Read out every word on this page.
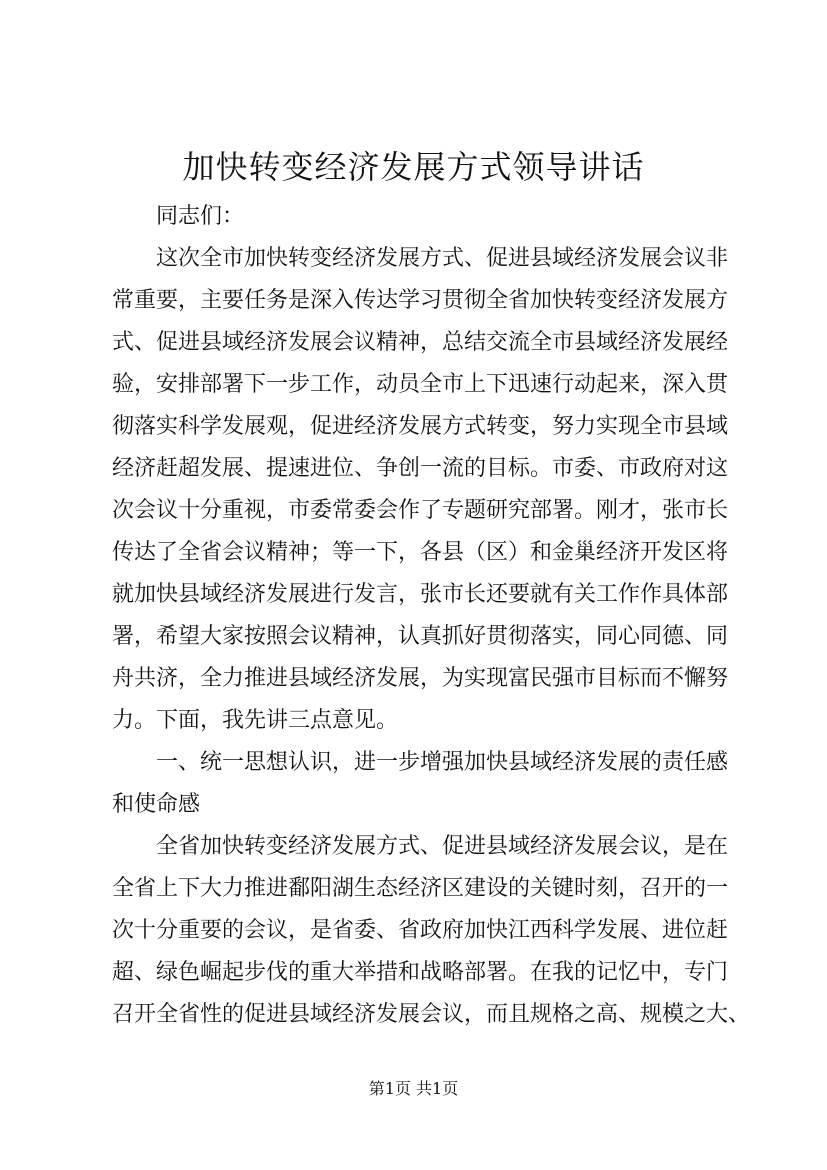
加快转变经济发展方式领导讲话
同志们：
这次全市加快转变经济发展方式、促进县域经济发展会议非
常重要，主要任务是深入传达学习贯彻全省加快转变经济发展方
式、促进县域经济发展会议精神，总结交流全市县域经济发展经
验，安排部署下一步工作，动员全市上下迅速行动起来，深入贯
彻落实科学发展观，促进经济发展方式转变，努力实现全市县域
经济赶超发展、提速进位、争创一流的目标。市委、市政府对这
次会议十分重视，市委常委会作了专题研究部署。刚才，张市长
传达了全省会议精神；等一下，各县（区）和金巢经济开发区将
就加快县域经济发展进行发言，张市长还要就有关工作作具体部
署，希望大家按照会议精神，认真抓好贯彻落实，同心同德、同
舟共济，全力推进县域经济发展，为实现富民强市目标而不懈努
力。下面，我先讲三点意见。
一、统一思想认识，进一步增强加快县域经济发展的责任感
和使命感
全省加快转变经济发展方式、促进县域经济发展会议，是在
全省上下大力推进鄱阳湖生态经济区建设的关键时刻，召开的一
次十分重要的会议，是省委、省政府加快江西科学发展、进位赶
超、绿色崛起步伐的重大举措和战略部署。在我的记忆中，专门
召开全省性的促进县域经济发展会议，而且规格之高、规模之大、
第1页 共1页
